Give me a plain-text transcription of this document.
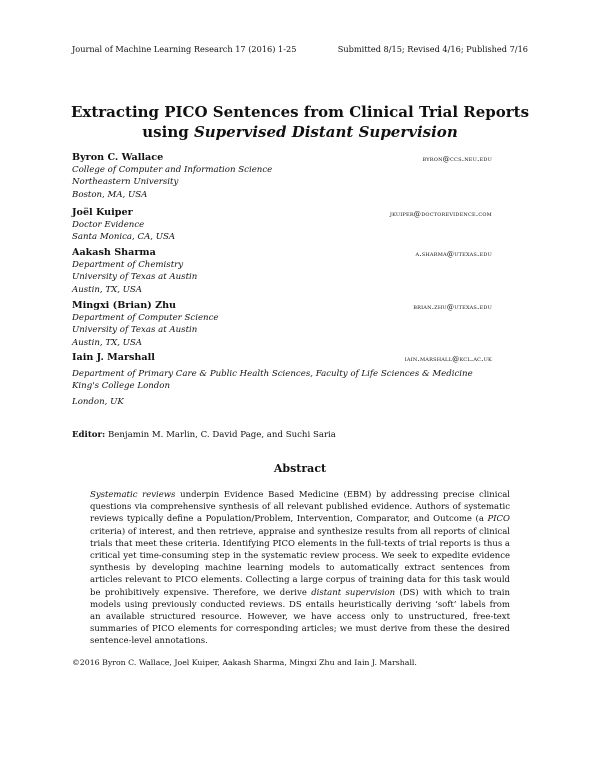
Journal of Machine Learning Research 17 (2016) 1-25	Submitted 8/15; Revised 4/16; Published 7/16
Extracting PICO Sentences from Clinical Trial Reports
using Supervised Distant Supervision
Byron C. Wallace	byron@ccs.neu.edu
College of Computer and Information Science
Northeastern University
Boston, MA, USA
Joël Kuiper	jkuiper@doctorevidence.com
Doctor Evidence
Santa Monica, CA, USA
Aakash Sharma	a.sharma@utexas.edu
Department of Chemistry
University of Texas at Austin
Austin, TX, USA
Mingxi (Brian) Zhu	brian.zhu@utexas.edu
Department of Computer Science
University of Texas at Austin
Austin, TX, USA
Iain J. Marshall	iain.marshall@kcl.ac.uk
Department of Primary Care & Public Health Sciences, Faculty of Life Sciences & Medicine
King's College London
London, UK
Editor: Benjamin M. Marlin, C. David Page, and Suchi Saria
Abstract
Systematic reviews underpin Evidence Based Medicine (EBM) by addressing precise clinical questions via comprehensive synthesis of all relevant published evidence. Authors of systematic reviews typically define a Population/Problem, Intervention, Comparator, and Outcome (a PICO criteria) of interest, and then retrieve, appraise and synthesize results from all reports of clinical trials that meet these criteria. Identifying PICO elements in the full-texts of trial reports is thus a critical yet time-consuming step in the systematic review process. We seek to expedite evidence synthesis by developing machine learning models to automatically extract sentences from articles relevant to PICO elements. Collecting a large corpus of training data for this task would be prohibitively expensive. Therefore, we derive distant supervision (DS) with which to train models using previously conducted reviews. DS entails heuristically deriving ‘soft’ labels from an available structured resource. However, we have access only to unstructured, free-text summaries of PICO elements for corresponding articles; we must derive from these the desired sentence-level annotations.
©2016 Byron C. Wallace, Joel Kuiper, Aakash Sharma, Mingxi Zhu and Iain J. Marshall.
